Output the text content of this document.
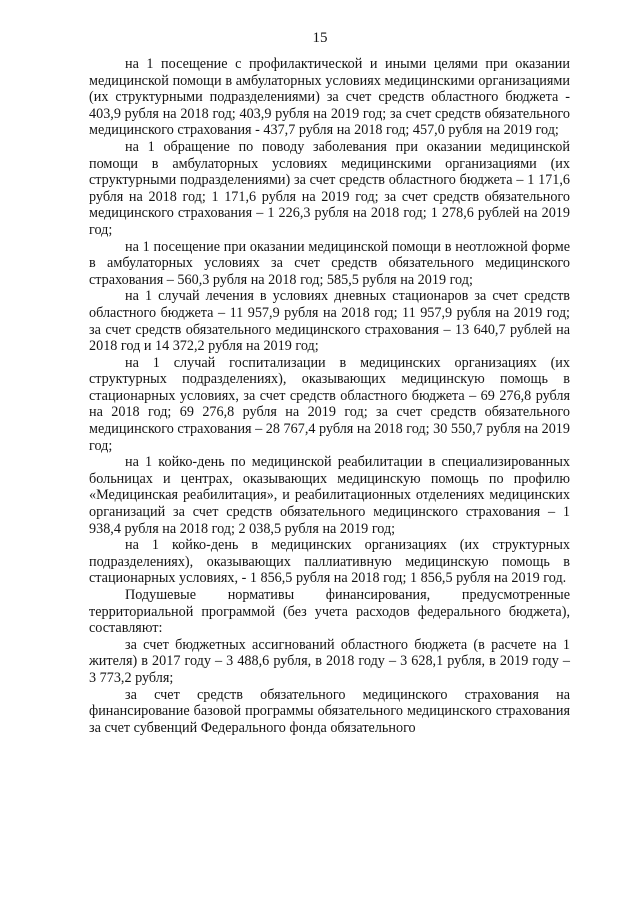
15

на 1 посещение с профилактической и иными целями при оказании медицинской помощи в амбулаторных условиях медицинскими организациями (их структурными подразделениями) за счет средств областного бюджета - 403,9 рубля на 2018 год; 403,9 рубля на 2019 год; за счет средств обязательного медицинского страхования - 437,7 рубля на 2018 год; 457,0 рубля на 2019 год;

на 1 обращение по поводу заболевания при оказании медицинской помощи в амбулаторных условиях медицинскими организациями (их структурными подразделениями) за счет средств областного бюджета – 1 171,6 рубля на 2018 год; 1 171,6 рубля на 2019 год; за счет средств обязательного медицинского страхования – 1 226,3 рубля на 2018 год; 1 278,6 рублей на 2019 год;

на 1 посещение при оказании медицинской помощи в неотложной форме в амбулаторных условиях за счет средств обязательного медицинского страхования – 560,3 рубля на 2018 год; 585,5 рубля на 2019 год;

на 1 случай лечения в условиях дневных стационаров за счет средств областного бюджета – 11 957,9 рубля на 2018 год; 11 957,9 рубля на 2019 год; за счет средств обязательного медицинского страхования – 13 640,7 рублей на 2018 год и 14 372,2 рубля на 2019 год;

на 1 случай госпитализации в медицинских организациях (их структурных подразделениях), оказывающих медицинскую помощь в стационарных условиях, за счет средств областного бюджета – 69 276,8 рубля на 2018 год; 69 276,8 рубля на 2019 год; за счет средств обязательного медицинского страхования – 28 767,4 рубля на 2018 год; 30 550,7 рубля на 2019 год;

на 1 койко-день по медицинской реабилитации в специализированных больницах и центрах, оказывающих медицинскую помощь по профилю «Медицинская реабилитация», и реабилитационных отделениях медицинских организаций за счет средств обязательного медицинского страхования – 1 938,4 рубля на 2018 год; 2 038,5 рубля на 2019 год;

на 1 койко-день в медицинских организациях (их структурных подразделениях), оказывающих паллиативную медицинскую помощь в стационарных условиях, - 1 856,5 рубля на 2018 год; 1 856,5 рубля на 2019 год.

Подушевые нормативы финансирования, предусмотренные территориальной программой (без учета расходов федерального бюджета), составляют:

за счет бюджетных ассигнований областного бюджета (в расчете на 1 жителя) в 2017 году – 3 488,6 рубля, в 2018 году – 3 628,1 рубля, в 2019 году – 3 773,2 рубля;

за счет средств обязательного медицинского страхования на финансирование базовой программы обязательного медицинского страхования за счет субвенций Федерального фонда обязательного
